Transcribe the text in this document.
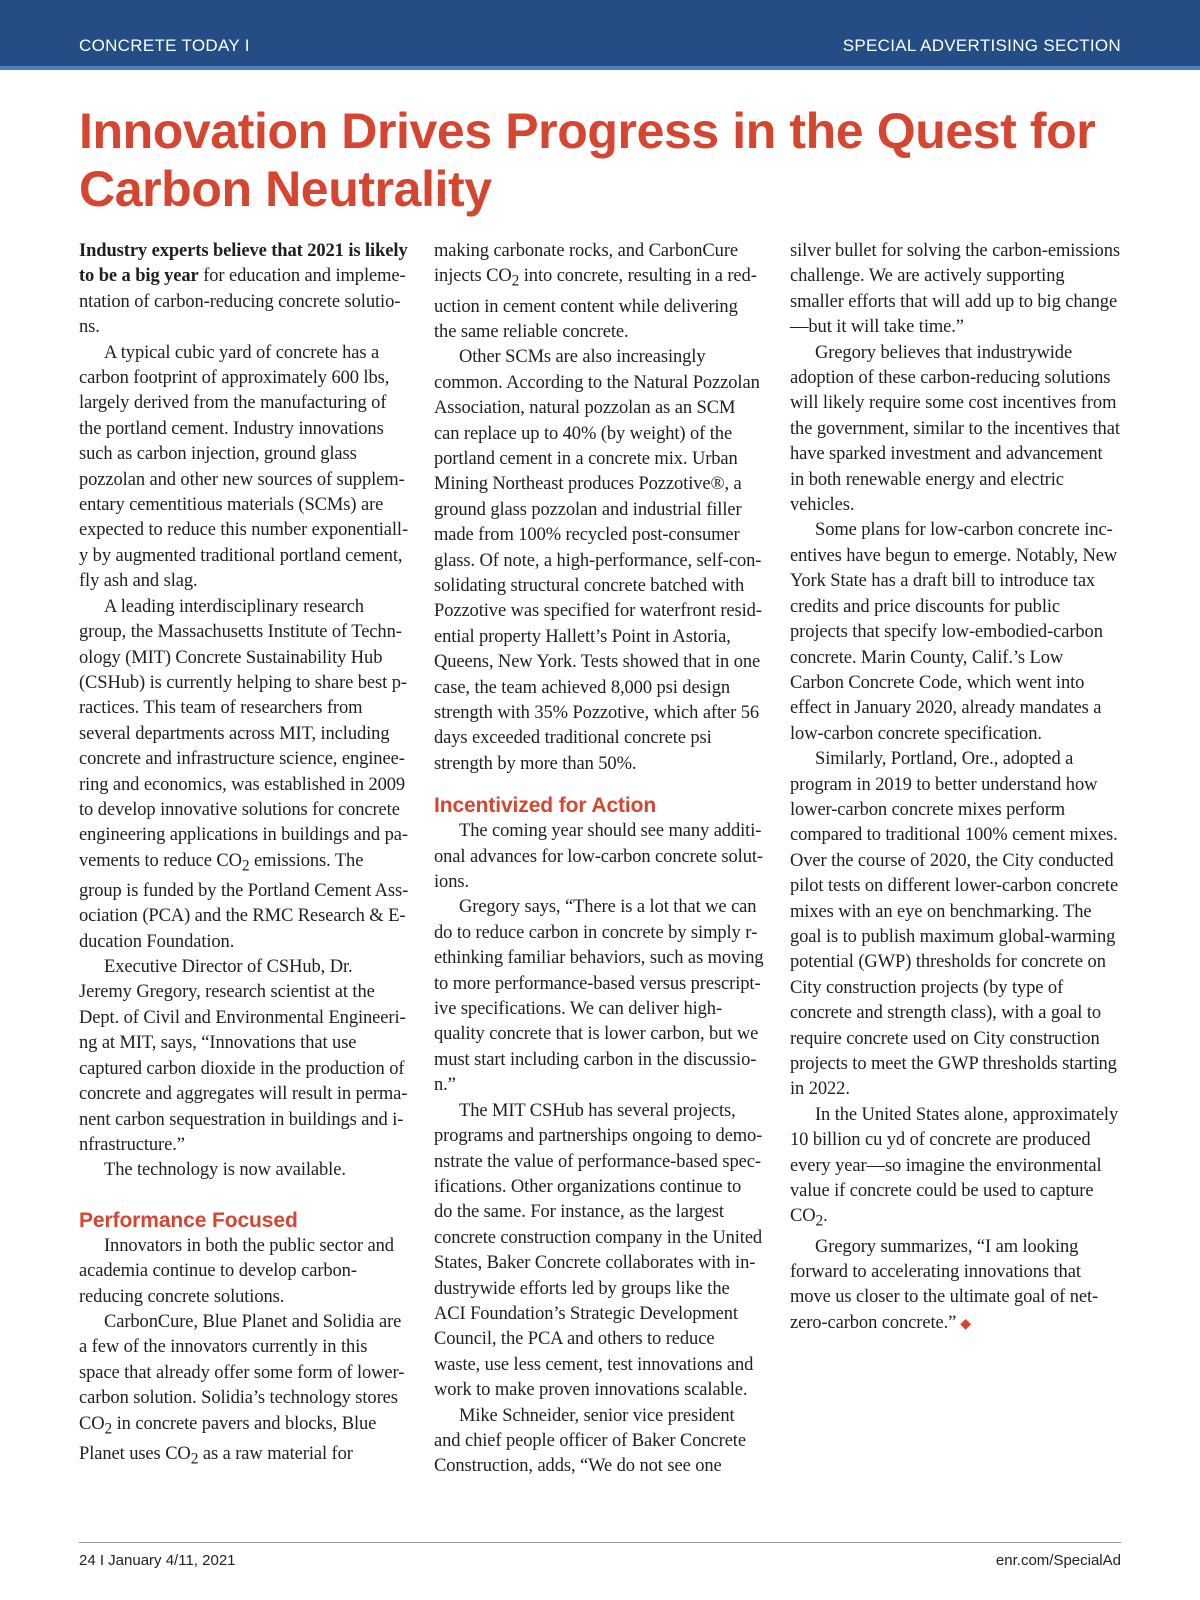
CONCRETE TODAY I	SPECIAL ADVERTISING SECTION
Innovation Drives Progress in the Quest for Carbon Neutrality

Industry experts believe that 2021 is likely to be a big year for education and implementation of carbon-reducing concrete solutions.

A typical cubic yard of concrete has a carbon footprint of approximately 600 lbs, largely derived from the manufacturing of the portland cement. Industry innovations such as carbon injection, ground glass pozzolan and other new sources of supplementary cementitious materials (SCMs) are expected to reduce this number exponentially by augmented traditional portland cement, fly ash and slag.

A leading interdisciplinary research group, the Massachusetts Institute of Technology (MIT) Concrete Sustainability Hub (CSHub) is currently helping to share best practices. This team of researchers from several departments across MIT, including concrete and infrastructure science, engineering and economics, was established in 2009 to develop innovative solutions for concrete engineering applications in buildings and pavements to reduce $CO_2$ emissions. The group is funded by the Portland Cement Association (PCA) and the RMC Research & Education Foundation.

Executive Director of CSHub, Dr. Jeremy Gregory, research scientist at the Dept. of Civil and Environmental Engineering at MIT, says, “Innovations that use captured carbon dioxide in the production of concrete and aggregates will result in permanent carbon sequestration in buildings and infrastructure.”

The technology is now available.

Performance Focused

Innovators in both the public sector and academia continue to develop carbon-reducing concrete solutions.

CarbonCure, Blue Planet and Solidia are a few of the innovators currently in this space that already offer some form of lower-carbon solution. Solidia’s technology stores $CO_2$ in concrete pavers and blocks, Blue Planet uses $CO_2$ as a raw material for

making carbonate rocks, and CarbonCure injects $CO_2$ into concrete, resulting in a reduction in cement content while delivering the same reliable concrete.

Other SCMs are also increasingly common. According to the Natural Pozzolan Association, natural pozzolan as an SCM can replace up to 40% (by weight) of the portland cement in a concrete mix. Urban Mining Northeast produces Pozzotive®, a ground glass pozzolan and industrial filler made from 100% recycled post-consumer glass. Of note, a high-performance, self-consolidating structural concrete batched with Pozzotive was specified for waterfront residential property Hallett’s Point in Astoria, Queens, New York. Tests showed that in one case, the team achieved 8,000 psi design strength with 35% Pozzotive, which after 56 days exceeded traditional concrete psi strength by more than 50%.

Incentivized for Action

The coming year should see many additional advances for low-carbon concrete solutions.

Gregory says, “There is a lot that we can do to reduce carbon in concrete by simply rethinking familiar behaviors, such as moving to more performance-based versus prescriptive specifications. We can deliver high-quality concrete that is lower carbon, but we must start including carbon in the discussion.”

The MIT CSHub has several projects, programs and partnerships ongoing to demonstrate the value of performance-based specifications. Other organizations continue to do the same. For instance, as the largest concrete construction company in the United States, Baker Concrete collaborates with industrywide efforts led by groups like the ACI Foundation’s Strategic Development Council, the PCA and others to reduce waste, use less cement, test innovations and work to make proven innovations scalable.

Mike Schneider, senior vice president and chief people officer of Baker Concrete Construction, adds, “We do not see one

silver bullet for solving the carbon-emissions challenge. We are actively supporting smaller efforts that will add up to big change—but it will take time.”

Gregory believes that industrywide adoption of these carbon-reducing solutions will likely require some cost incentives from the government, similar to the incentives that have sparked investment and advancement in both renewable energy and electric vehicles.

Some plans for low-carbon concrete incentives have begun to emerge. Notably, New York State has a draft bill to introduce tax credits and price discounts for public projects that specify low-embodied-carbon concrete. Marin County, Calif.’s Low Carbon Concrete Code, which went into effect in January 2020, already mandates a low-carbon concrete specification.

Similarly, Portland, Ore., adopted a program in 2019 to better understand how lower-carbon concrete mixes perform compared to traditional 100% cement mixes. Over the course of 2020, the City conducted pilot tests on different lower-carbon concrete mixes with an eye on benchmarking. The goal is to publish maximum global-warming potential (GWP) thresholds for concrete on City construction projects (by type of concrete and strength class), with a goal to require concrete used on City construction projects to meet the GWP thresholds starting in 2022.

In the United States alone, approximately 10 billion cu yd of concrete are produced every year—so imagine the environmental value if concrete could be used to capture $CO_2$.

Gregory summarizes, “I am looking forward to accelerating innovations that move us closer to the ultimate goal of net-zero-carbon concrete.” ◆

24 I January 4/11, 2021	enr.com/SpecialAd
